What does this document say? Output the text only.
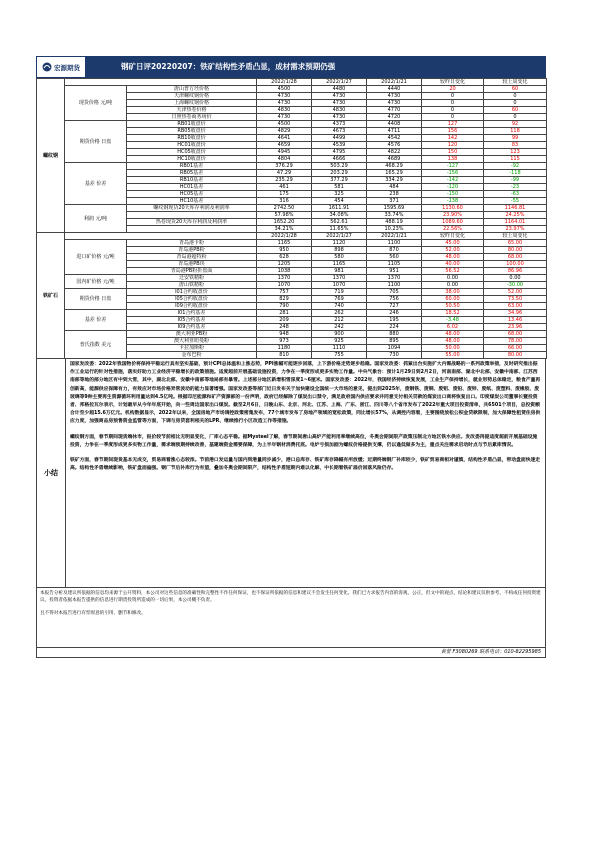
宏源期货	钢矿日评20220207：铁矿结构性矛盾凸显，成材需求预期仍强
螺纹钢			2022/1/28	2022/1/27	2022/1/21	较昨日变化	较上周变化
	现货价格 元/吨	唐山普方坯价格	4500	4480	4440	20	60
		天津螺纹钢价格	4730	4730	4730	0	0
		上海螺纹钢价格	4730	4730	4730	0	0
		天津热卷价格	4830	4830	4770	0	60
		日照热卷商务场价	4730	4730	4720	0	0
	期货价格 日盘	RB01收盘价	4500	4373	4408	127	92
		RB05收盘价	4829	4673	4711	156	118
		RB10收盘价	4641	4499	4542	142	99
		HC01收盘价	4659	4539	4576	120	83
		HC05收盘价	4945	4795	4822	150	123
		HC10收盘价	4804	4666	4689	138	115
	基差 价差	RB01基差	376.29	503.29	468.29	-127	-92
		RB05基差	47.29	203.29	165.29	-156	-118
		RB10基差	235.29	377.29	334.29	-142	-99
		HC01基差	461	581	484	-120	-23
		HC05基差	175	325	238	-150	-63
		HC10基差	316	454	371	-138	-55
	利润 元/吨	螺纹钢现货20天库存利润及利润率	2742.50	1611.91	1595.69	1130.60	1146.81
			57.98%	34.08%	33.74%	23.90%	24.25%
		热卷现货20天库存利润及利润率	1652.20	562.61	488.19	1089.60	1164.01
			34.21%	11.65%	10.23%	22.56%	23.97%
铁矿石			2022/1/28	2022/1/27	2022/1/21	较昨日变化	较上周变化
	进口矿价格 元/吨	青岛港卡粉	1165	1120	1100	45.00	65.00
		青岛港PB粉	950	898	870	52.00	80.00
		青岛港超特粉	628	580	560	48.00	68.00
		青岛港PB块	1205	1165	1105	40.00	100.00
		青岛港PB粉折盘面	1038	981	951	56.52	86.96
	国内矿价格 元/吨	迁安铁精粉	1370	1370	1370	0.00	0.00
		唐山铁精粉	1070	1070	1100	0.00	-30.00
	期货价格 日盘	I01合约收盘价	757	719	705	38.00	52.00
		I05合约收盘价	829	769	756	60.00	73.50
		I09合约收盘价	790	740	727	50.50	63.00
	基差 价差	I01合约基差	281	262	246	18.52	34.96
		I05合约基差	209	212	195	-3.48	13.46
		I09合约基差	248	242	224	6.02	23.96
	普氏指数 美元	澳大利亚PB粉	948	900	880	48.00	68.00
		澳大利亚纽曼粉	973	925	895	48.00	78.00
		卡拉加斯粉	1180	1110	1094	50.00	66.00
		金布巴粉	810	755	730	55.00	80.00
小结

国家发改委：2022年我国物价将保持平稳运行具有坚实基础，预计CPI总体温和上涨态势，PPI涨幅可能逐步回落，上下游价格走势逐步趋稳。国家发改委：抓紧出台实施扩大内需战略的一系列政策举措，及时研究推出振作工业运行的针对性措施，落实好助力工业经济平稳增长的政策措施。适度超前开展基础设施投资，力争在一季度形成更多实物工作量。中央气象台：预计1月29日到2月2日，河南南部、湖北中北部、安徽中南部、江苏西南部等地的部分地区有中到大雪，其中，湖北北部、安徽中南部等地局部有暴雪。上述部分地区新增积雪深度1~6厘米。国家发改委：2022年，我国经济持续恢复发展，工业生产保持增长，就业形势总体稳定，粮食产量再创新高，能源供应保障有力，有效应对市场价格异常波动的能力显著增强。国家发改委等部门近日发布关于加快建设全国统一大市场的意见，提出到2025年，废钢铁、废铜、废铝、废铅、废锌、废纸、废塑料、废橡胶、废玻璃等9种主要再生资源循环利用量达到4.5亿吨。根据印尼能源和矿产资源部的一份声明，政府已经解除了煤炭出口禁令，满足政府国内供应要求并同意支付相关罚款的煤炭出口商将恢复出口。印度煤炭公司董事长暨投资者、邦格拉瓦尔表示，计划最早从今年年底开始，向一些周边国家出口煤炭。截至2月6日，日晚山东、北京、河北、江苏、上海、广东、浙江、四川等八个省市发布了2022年重大项目投资清单，共6501个项目，总投资额合计至少超15.6万亿元。机构数据显示，2022年以来，全国房地产市场调控政策密集发布，77个城市发布了房地产领域的宽松政策，同比增长57%，从调控内容看，主要围绕放松公积金贷款限制，加大保障性租赁住房供应力度，加强商品房预售资金监管等方面，下调与房贷套利相关的LPR、继续推行小区改造工作等措施。

螺纹钢方面，春节期间现货端休市，报价较节前相比无明显变化，厂库心态平稳。据Mysteel了解，春节期间唐山高炉产能利用率继续高位，冬奥会期间限产政策压制北方地区铁水供应。发改委再提适度超前开展基础设施投资，力争在一季度形成更多实物工作量，需求端预期持续改善，基建端资金需要保障，为上半年钢材消费托底。电炉亏损加剧为螺纹价格提供支撑，仍以逢低做多为主，重点关注需求启动时点与节后累库情况。

铁矿方面，春节期间现货基本无成交，贸易商看涨心态较浓。节前港口发运量与国内到港量同步减少，港口总库存、铁矿库存降幅有所放缓；近期终端钢厂补库较少，铁矿贸易商相对谨慎，结构性矛盾凸显，带动盘面快速走高。结构性矛盾继续影响，铁矿盘面偏强。钢厂节后补库行为有望，叠加冬奥会期间限产，结构性矛盾短期内难以化解，中长期看铁矿溢价回落风险仍存。

本报告分析及建议所依据的信息均来源于公开资料，本公司对这些信息的准确性和完整性不作任何保证，也不保证所依据的信息和建议不会发生任何变化。我们已力求报告内容的客观、公正，但文中的观点、结论和建议仅供参考，不构成任何投资建议。投资者依据本报告提供的信息进行期货投资所造成的一切后果，本公司概不负责。

且不得对本报告进行有悖原意的引用、删节和修改。

黄蕾 F3080269 联系电话：010-82295985
